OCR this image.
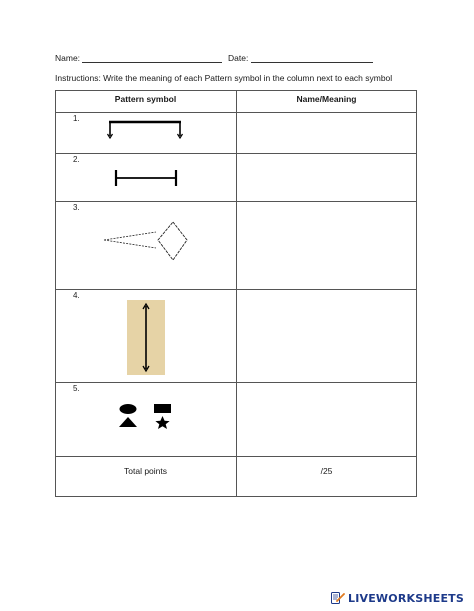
Name:	Date:
Instructions: Write the meaning of each Pattern symbol in the column next to each symbol
Pattern symbol	Name/Meaning
1.
2.
3.
4.
5.
Total points	/25
LIVEWORKSHEETS
